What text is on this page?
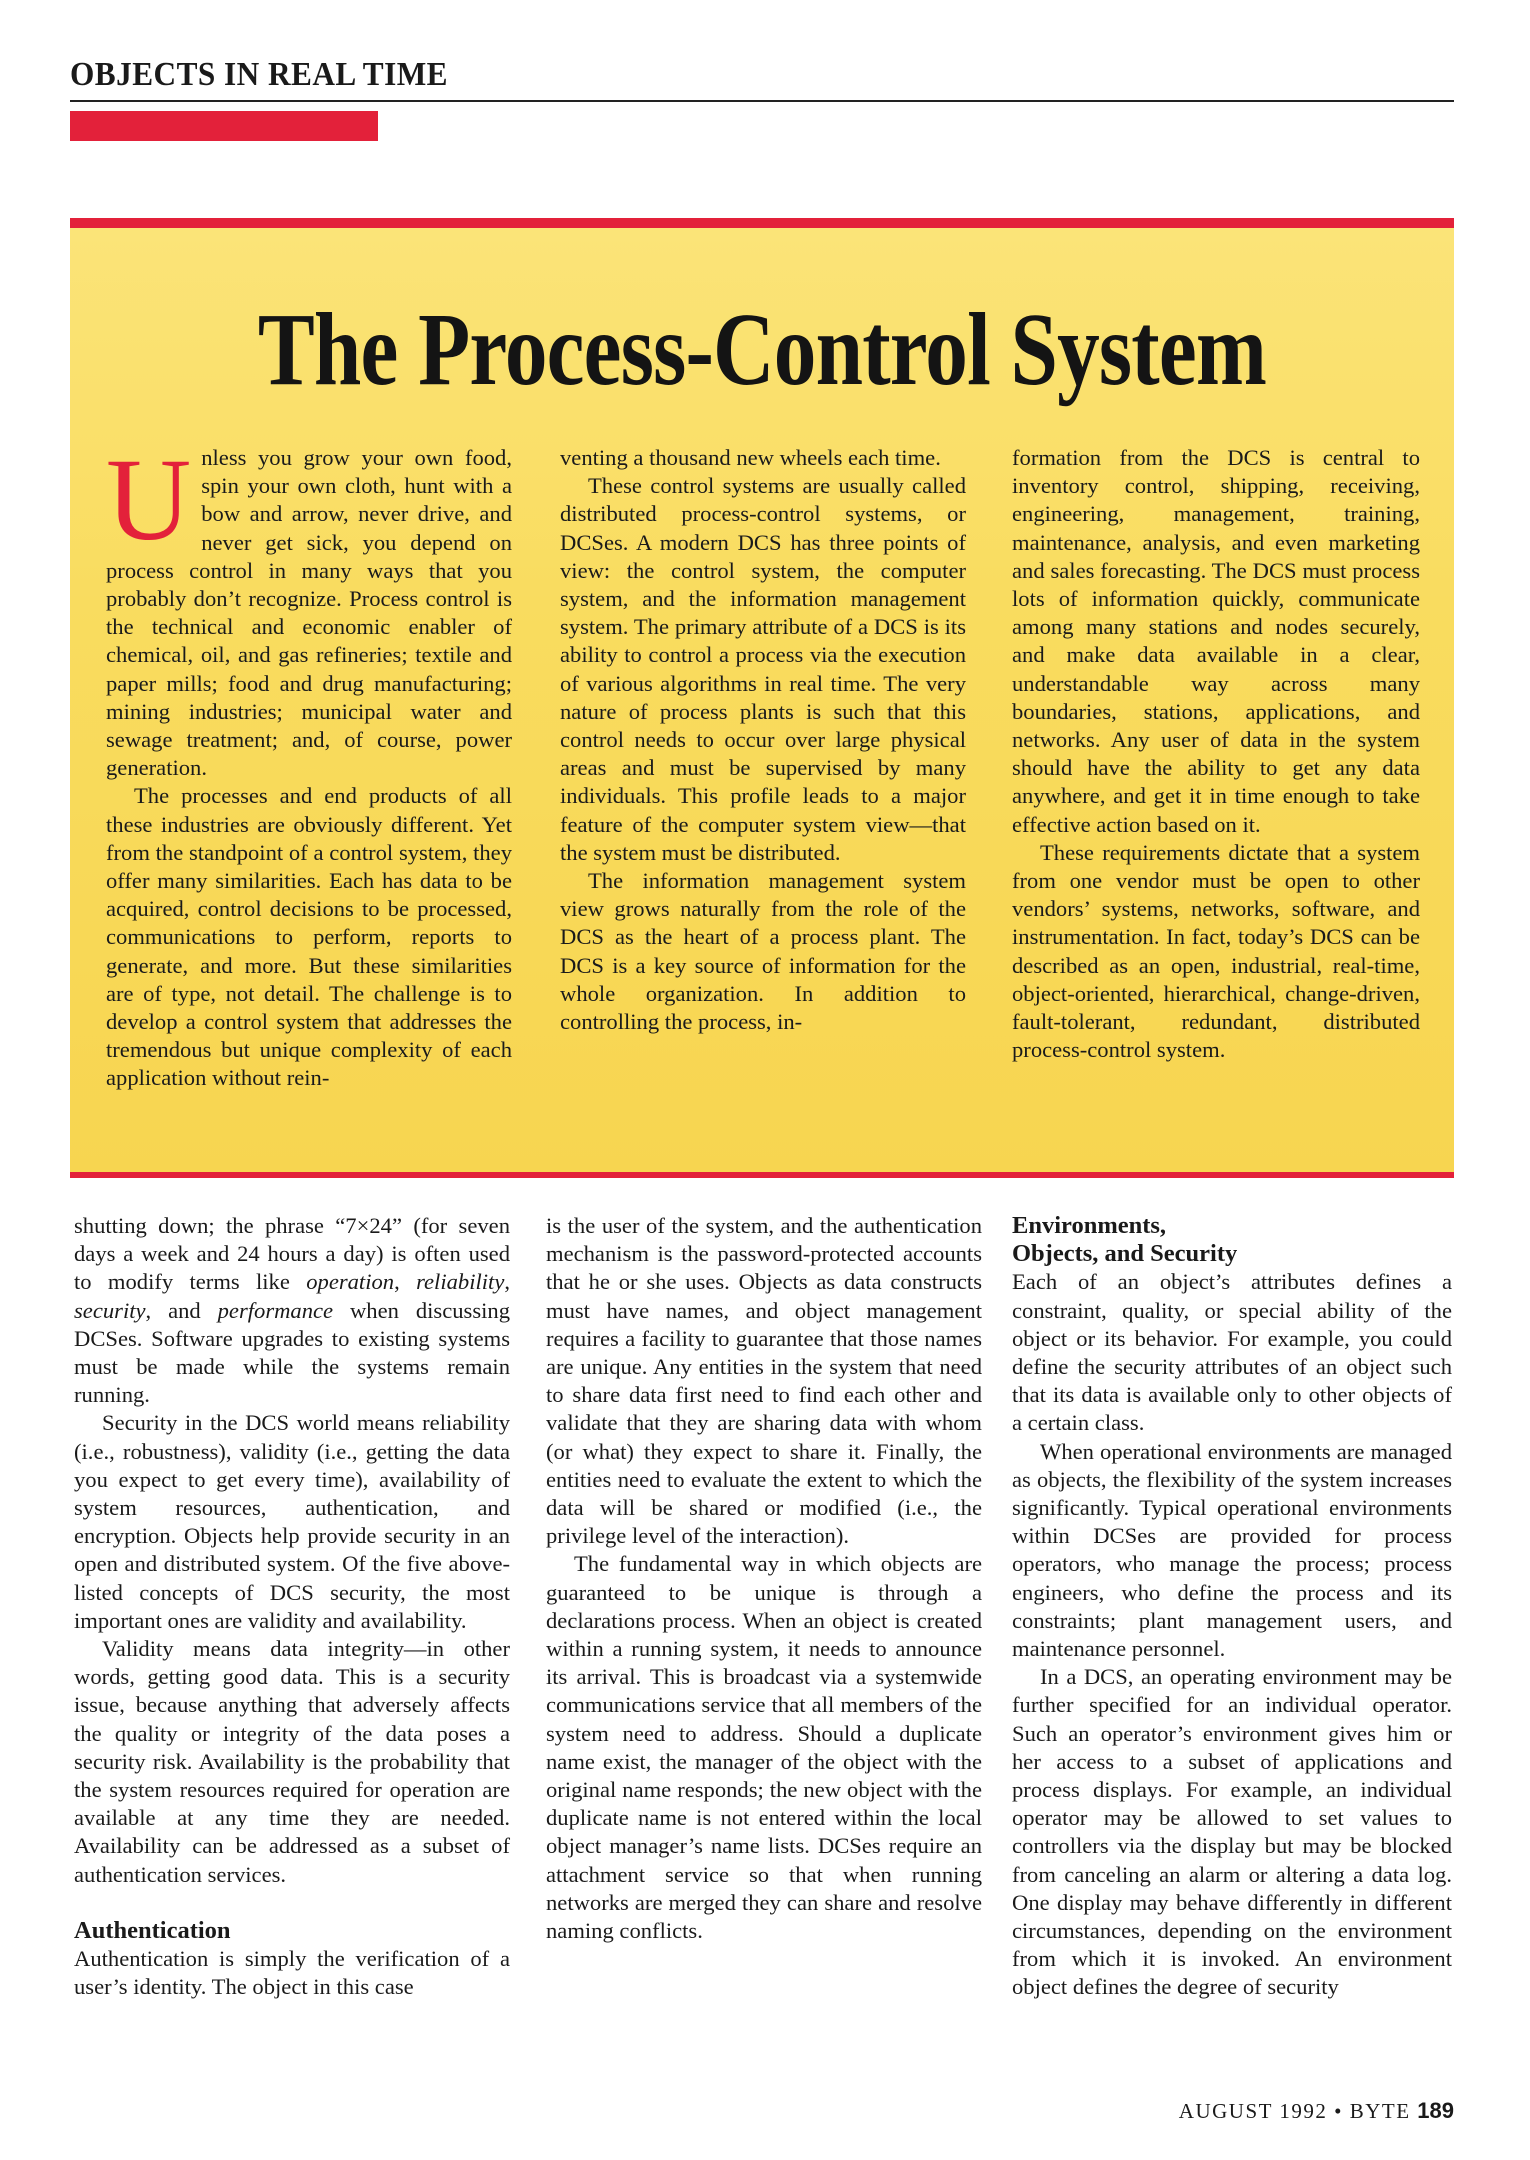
OBJECTS IN REAL TIME
The Process-Control System

Unless you grow your own food, spin your own cloth, hunt with a bow and arrow, never drive, and never get sick, you depend on process control in many ways that you probably don’t recognize. Process control is the technical and economic enabler of chemical, oil, and gas refineries; textile and paper mills; food and drug manufacturing; mining industries; municipal water and sewage treatment; and, of course, power generation.

The processes and end products of all these industries are obviously different. Yet from the standpoint of a control system, they offer many similarities. Each has data to be acquired, control decisions to be processed, communications to perform, reports to generate, and more. But these similarities are of type, not detail. The challenge is to develop a control system that addresses the tremendous but unique complexity of each application without rein-

venting a thousand new wheels each time.

These control systems are usually called distributed process-control systems, or DCSes. A modern DCS has three points of view: the control system, the computer system, and the information management system. The primary attribute of a DCS is its ability to control a process via the execution of various algorithms in real time. The very nature of process plants is such that this control needs to occur over large physical areas and must be supervised by many individuals. This profile leads to a major feature of the computer system view—that the system must be distributed.

The information management system view grows naturally from the role of the DCS as the heart of a process plant. The DCS is a key source of information for the whole organization. In addition to controlling the process, in-

formation from the DCS is central to inventory control, shipping, receiving, engineering, management, training, maintenance, analysis, and even marketing and sales forecasting. The DCS must process lots of information quickly, communicate among many stations and nodes securely, and make data available in a clear, understandable way across many boundaries, stations, applications, and networks. Any user of data in the system should have the ability to get any data anywhere, and get it in time enough to take effective action based on it.

These requirements dictate that a system from one vendor must be open to other vendors’ systems, networks, software, and instrumentation. In fact, today’s DCS can be described as an open, industrial, real-time, object-oriented, hierarchical, change-driven, fault-tolerant, redundant, distributed process-control system.

shutting down; the phrase “7×24” (for seven days a week and 24 hours a day) is often used to modify terms like operation, reliability, security, and performance when discussing DCSes. Software upgrades to existing systems must be made while the systems remain running.

Security in the DCS world means reliability (i.e., robustness), validity (i.e., getting the data you expect to get every time), availability of system resources, authentication, and encryption. Objects help provide security in an open and distributed system. Of the five above-listed concepts of DCS security, the most important ones are validity and availability.

Validity means data integrity—in other words, getting good data. This is a security issue, because anything that adversely affects the quality or integrity of the data poses a security risk. Availability is the probability that the system resources required for operation are available at any time they are needed. Availability can be addressed as a subset of authentication services.

Authentication

Authentication is simply the verification of a user’s identity. The object in this case

is the user of the system, and the authentication mechanism is the password-protected accounts that he or she uses. Objects as data constructs must have names, and object management requires a facility to guarantee that those names are unique. Any entities in the system that need to share data first need to find each other and validate that they are sharing data with whom (or what) they expect to share it. Finally, the entities need to evaluate the extent to which the data will be shared or modified (i.e., the privilege level of the interaction).

The fundamental way in which objects are guaranteed to be unique is through a declarations process. When an object is created within a running system, it needs to announce its arrival. This is broadcast via a systemwide communications service that all members of the system need to address. Should a duplicate name exist, the manager of the object with the original name responds; the new object with the duplicate name is not entered within the local object manager’s name lists. DCSes require an attachment service so that when running networks are merged they can share and resolve naming conflicts.

Environments,
Objects, and Security

Each of an object’s attributes defines a constraint, quality, or special ability of the object or its behavior. For example, you could define the security attributes of an object such that its data is available only to other objects of a certain class.

When operational environments are managed as objects, the flexibility of the system increases significantly. Typical operational environments within DCSes are provided for process operators, who manage the process; process engineers, who define the process and its constraints; plant management users, and maintenance personnel.

In a DCS, an operating environment may be further specified for an individual operator. Such an operator’s environment gives him or her access to a subset of applications and process displays. For example, an individual operator may be allowed to set values to controllers via the display but may be blocked from canceling an alarm or altering a data log. One display may behave differently in different circumstances, depending on the environment from which it is invoked. An environment object defines the degree of security

AUGUST 1992 • BYTE 189
